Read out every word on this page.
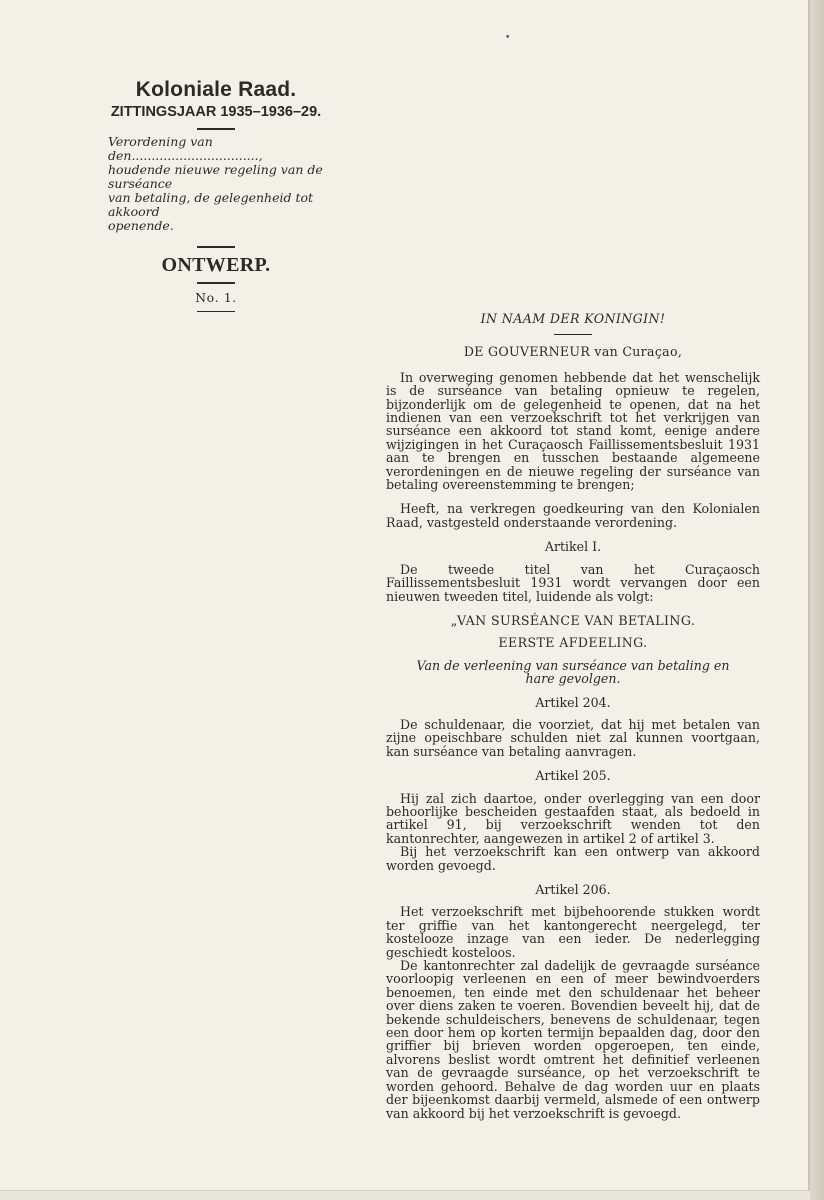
•
Koloniale Raad.
ZITTINGSJAAR 1935–1936–29.
Verordening van den................................,
houdende nieuwe regeling van de surséance
van betaling, de gelegenheid tot akkoord
openende.
ONTWERP.
No. 1.
IN NAAM DER KONINGIN!
DE GOUVERNEUR van Curaçao,
In overweging genomen hebbende dat het wenschelijk is de surséance van betaling opnieuw te regelen, bijzonderlijk om de gelegenheid te openen, dat na het indienen van een verzoekschrift tot het verkrijgen van surséance een akkoord tot stand komt, eenige andere wijzigingen in het Curaçaosch Faillissementsbesluit 1931 aan te brengen en tusschen bestaande algemeene verordeningen en de nieuwe regeling der surséance van betaling overeenstemming te brengen;
Heeft, na verkregen goedkeuring van den Kolonialen Raad, vastgesteld onderstaande verordening.
Artikel I.
De tweede titel van het Curaçaosch Faillissementsbesluit 1931 wordt vervangen door een nieuwen tweeden titel, luidende als volgt:
„VAN SURSÉANCE VAN BETALING.
EERSTE AFDEELING.
Van de verleening van surséance van betaling en hare gevolgen.
Artikel 204.
De schuldenaar, die voorziet, dat hij met betalen van zijne opeischbare schulden niet zal kunnen voortgaan, kan surséance van betaling aanvragen.
Artikel 205.
Hij zal zich daartoe, onder overlegging van een door behoorlijke bescheiden gestaafden staat, als bedoeld in artikel 91, bij verzoekschrift wenden tot den kantonrechter, aangewezen in artikel 2 of artikel 3.
Bij het verzoekschrift kan een ontwerp van akkoord worden gevoegd.
Artikel 206.
Het verzoekschrift met bijbehoorende stukken wordt ter griffie van het kantongerecht neergelegd, ter kostelooze inzage van een ieder. De nederlegging geschiedt kosteloos.
De kantonrechter zal dadelijk de gevraagde surséance voorloopig verleenen en een of meer bewindvoerders benoemen, ten einde met den schuldenaar het beheer over diens zaken te voeren. Bovendien beveelt hij, dat de bekende schuldeischers, benevens de schuldenaar, tegen een door hem op korten termijn bepaalden dag, door den griffier bij brieven worden opgeroepen, ten einde, alvorens beslist wordt omtrent het definitief verleenen van de gevraagde surséance, op het verzoekschrift te worden gehoord. Behalve de dag worden uur en plaats der bijeenkomst daarbij vermeld, alsmede of een ontwerp van akkoord bij het verzoekschrift is gevoegd.
